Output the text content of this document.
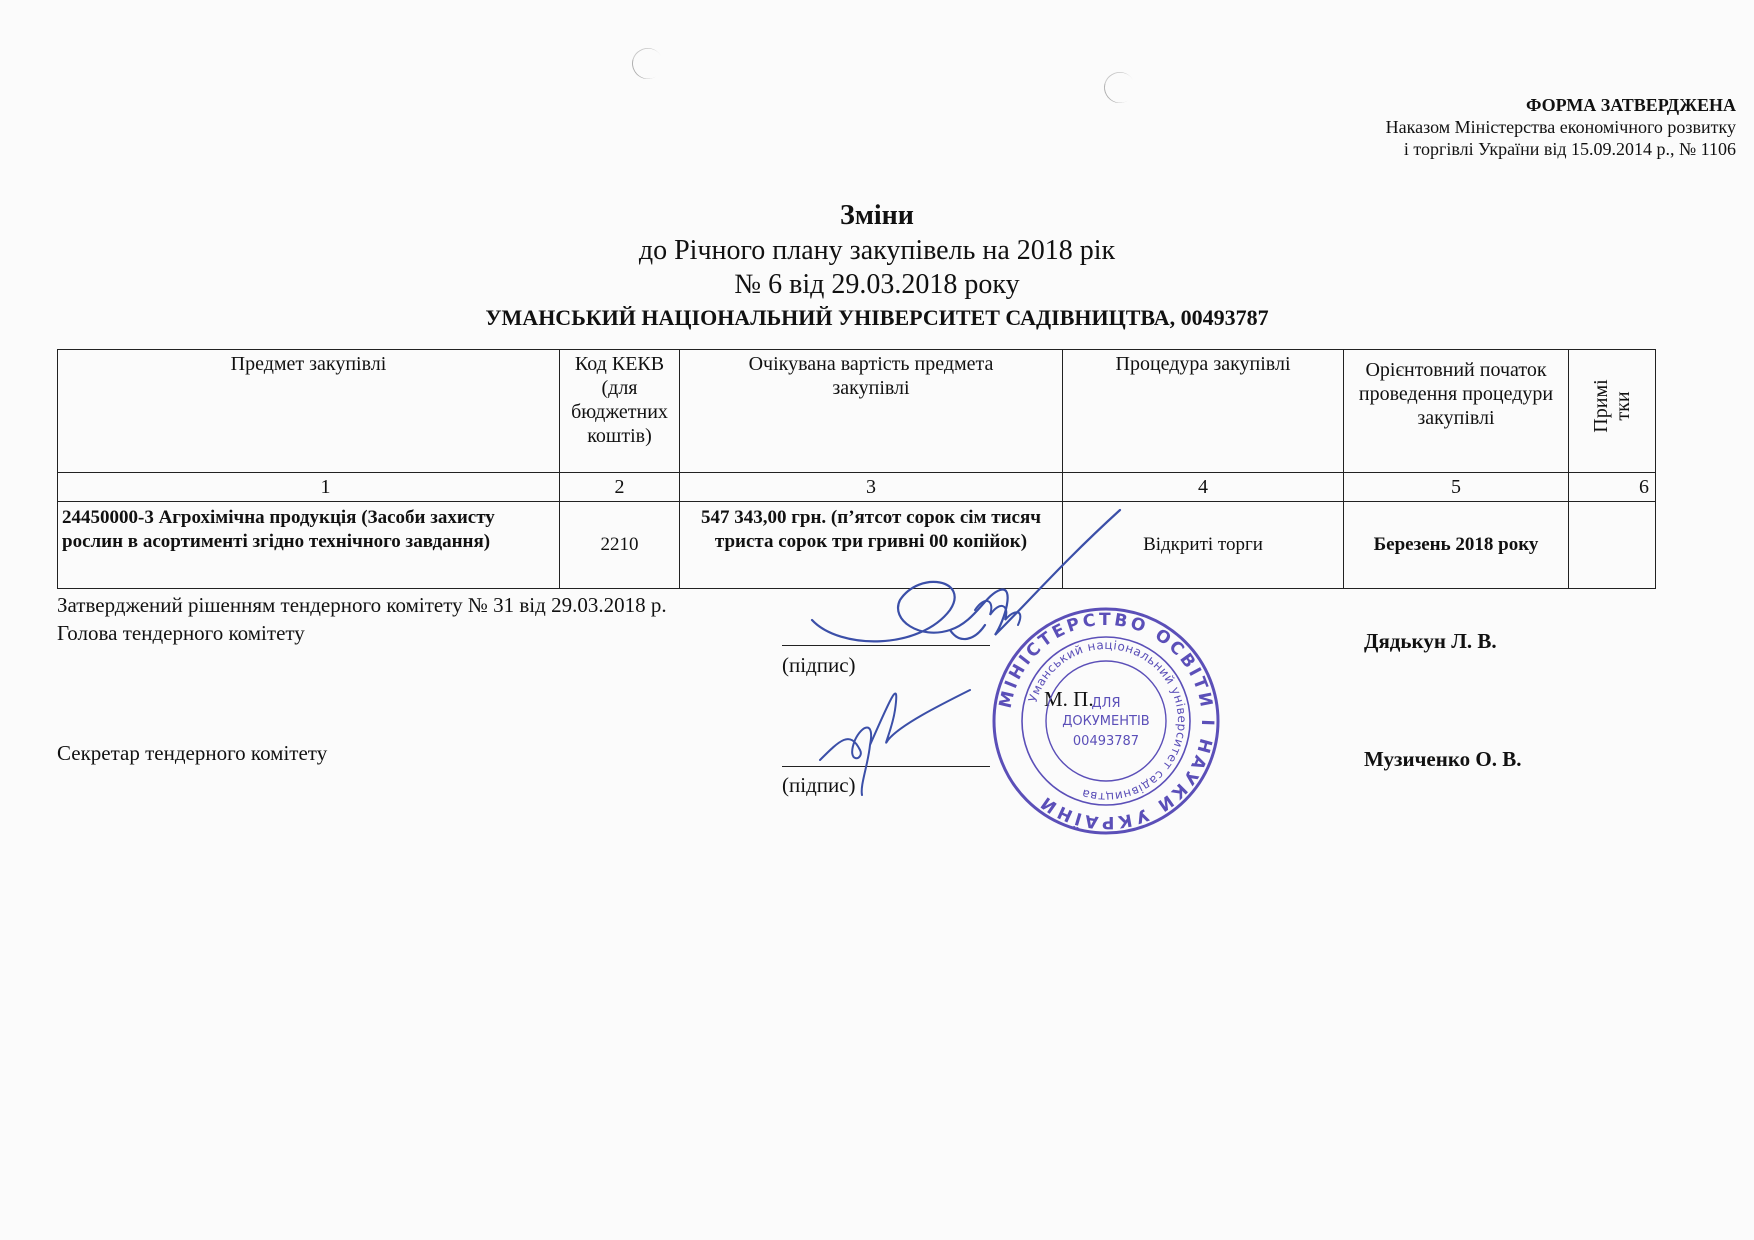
ФОРМА ЗАТВЕРДЖЕНА
Наказом Міністерства економічного розвитку
і торгівлі України від 15.09.2014 р., № 1106
Зміни
до Річного плану закупівель на 2018 рік
№ 6 від 29.03.2018 року
УМАНСЬКИЙ НАЦІОНАЛЬНИЙ УНІВЕРСИТЕТ САДІВНИЦТВА, 00493787
Предмет закупівлі	Код КЕКВ (для бюджетних коштів)	Очікувана вартість предмета закупівлі	Процедура закупівлі	Орієнтовний початок проведення процедури закупівлі	Примітки

1	2	3	4	5	6
24450000-3 Агрохімічна продукція (Засоби захисту рослин в асортименті згідно технічного завдання)	2210	547 343,00 грн. (п’ятсот сорок сім тисяч триста сорок три гривні 00 копійок)	Відкриті торги	Березень 2018 року	
Затверджений рішенням тендерного комітету № 31 від 29.03.2018 р.
Голова тендерного комітету
(підпис)
Дядькун Л. В.
М. П.
Секретар тендерного комітету
(підпис)
Музиченко О. В.
МІНІСТЕРСТВО ОСВІТИ І НАУКИ УКРАЇНИ
Уманський національний університет садівництва
ДЛЯ
ДОКУМЕНТІВ
00493787
